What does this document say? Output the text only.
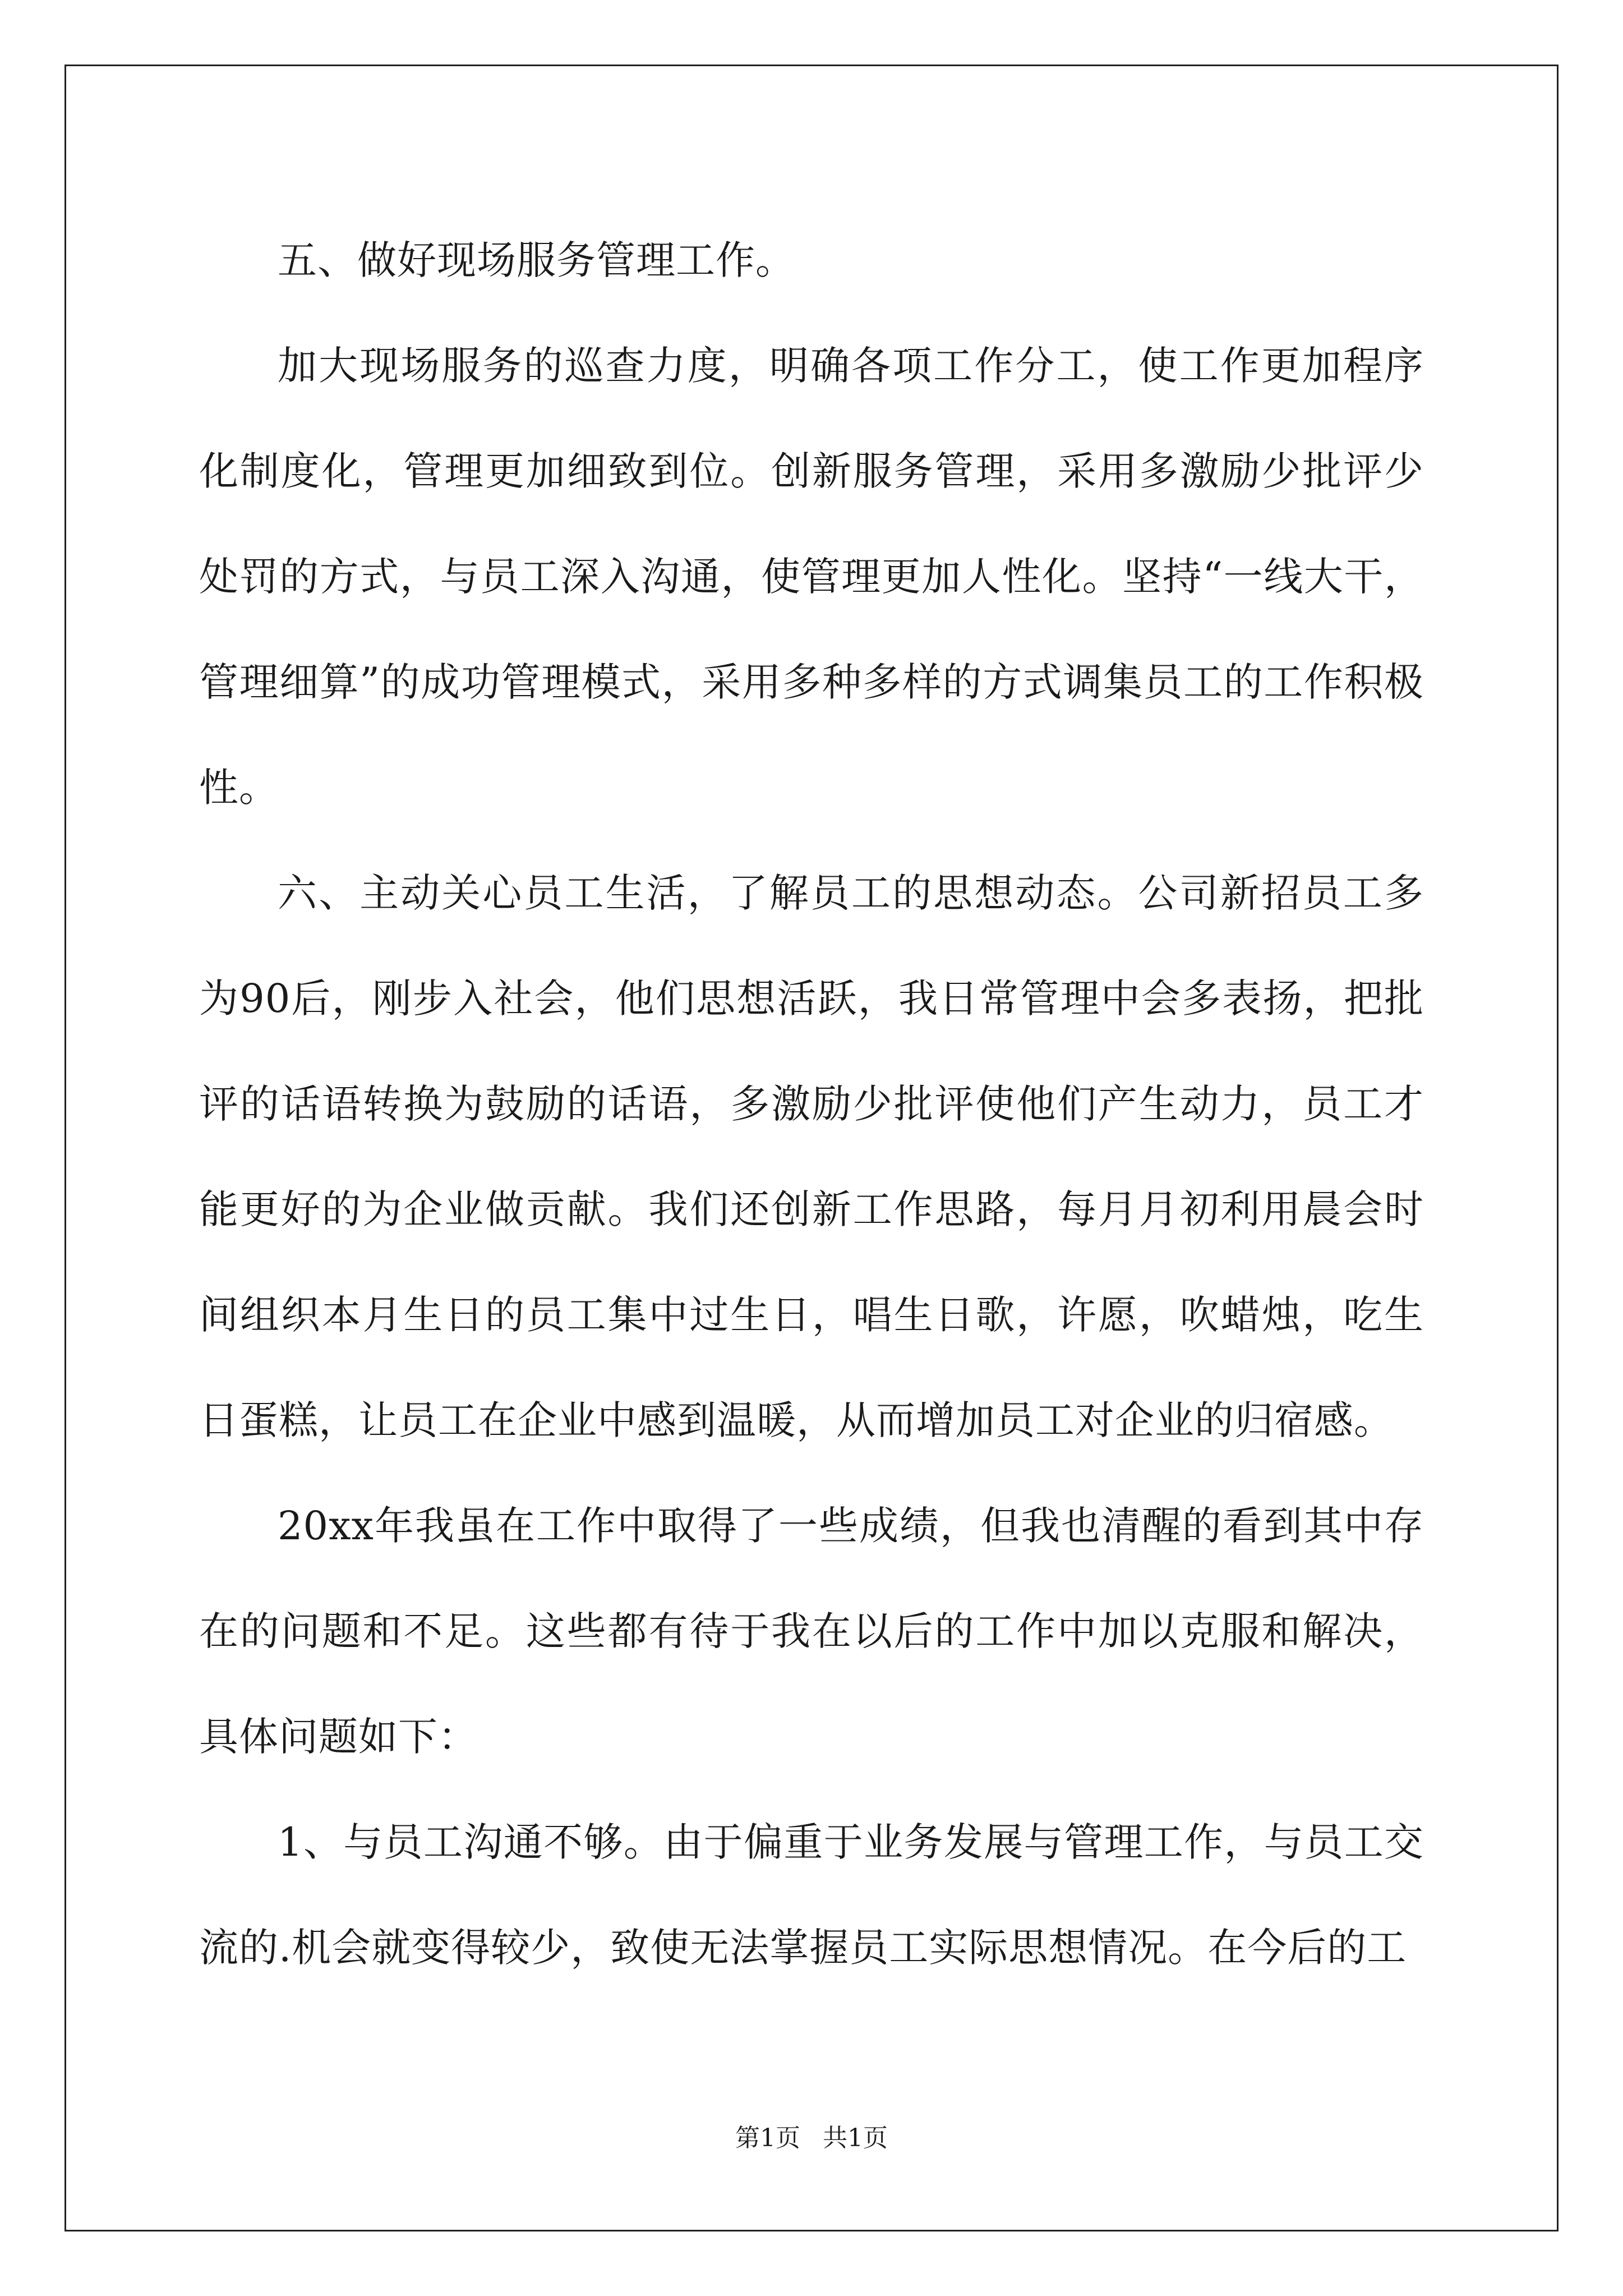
五、做好现场服务管理工作。

加大现场服务的巡查力度，明确各项工作分工，使工作更加程序化制度化，管理更加细致到位。创新服务管理，采用多激励少批评少处罚的方式，与员工深入沟通，使管理更加人性化。坚持“一线大干，管理细算”的成功管理模式，采用多种多样的方式调集员工的工作积极性。

六、主动关心员工生活，了解员工的思想动态。公司新招员工多为90后，刚步入社会，他们思想活跃，我日常管理中会多表扬，把批评的话语转换为鼓励的话语，多激励少批评使他们产生动力，员工才能更好的为企业做贡献。我们还创新工作思路，每月月初利用晨会时间组织本月生日的员工集中过生日，唱生日歌，许愿，吹蜡烛，吃生日蛋糕，让员工在企业中感到温暖，从而增加员工对企业的归宿感。

20xx年我虽在工作中取得了一些成绩，但我也清醒的看到其中存在的问题和不足。这些都有待于我在以后的工作中加以克服和解决，具体问题如下：

1、与员工沟通不够。由于偏重于业务发展与管理工作，与员工交流的.机会就变得较少，致使无法掌握员工实际思想情况。在今后的工

第1页 共1页
